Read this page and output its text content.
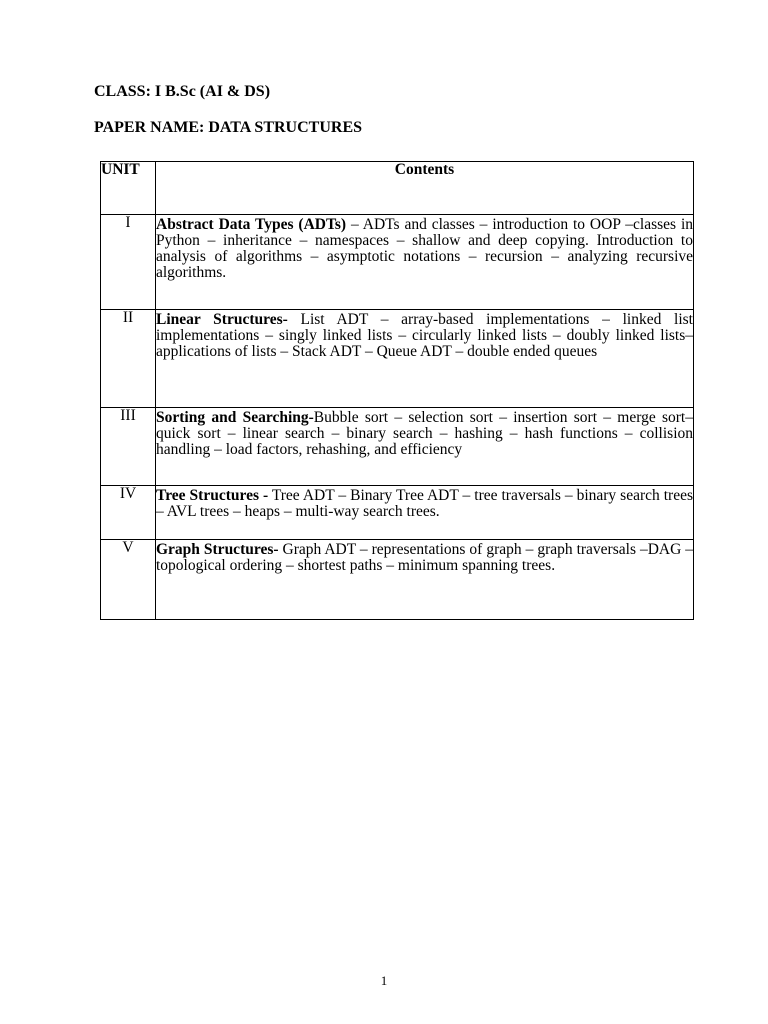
CLASS: I B.Sc (AI & DS)
PAPER NAME: DATA STRUCTURES
UNIT	Contents
I	Abstract Data Types (ADTs) – ADTs and classes – introduction to OOP –classes in Python – inheritance – namespaces – shallow and deep copying. Introduction to analysis of algorithms – asymptotic notations – recursion – analyzing recursive algorithms.

II	Linear Structures- List ADT – array-based implementations – linked list implementations – singly linked lists – circularly linked lists – doubly linked lists– applications of lists – Stack ADT – Queue ADT – double ended queues

III	Sorting and Searching-Bubble sort – selection sort – insertion sort – merge sort– quick sort – linear search – binary search – hashing – hash functions – collision handling – load factors, rehashing, and efficiency

IV	Tree Structures - Tree ADT – Binary Tree ADT – tree traversals – binary search trees – AVL trees – heaps – multi-way search trees.

V	Graph Structures- Graph ADT – representations of graph – graph traversals –DAG – topological ordering – shortest paths – minimum spanning trees.
1
